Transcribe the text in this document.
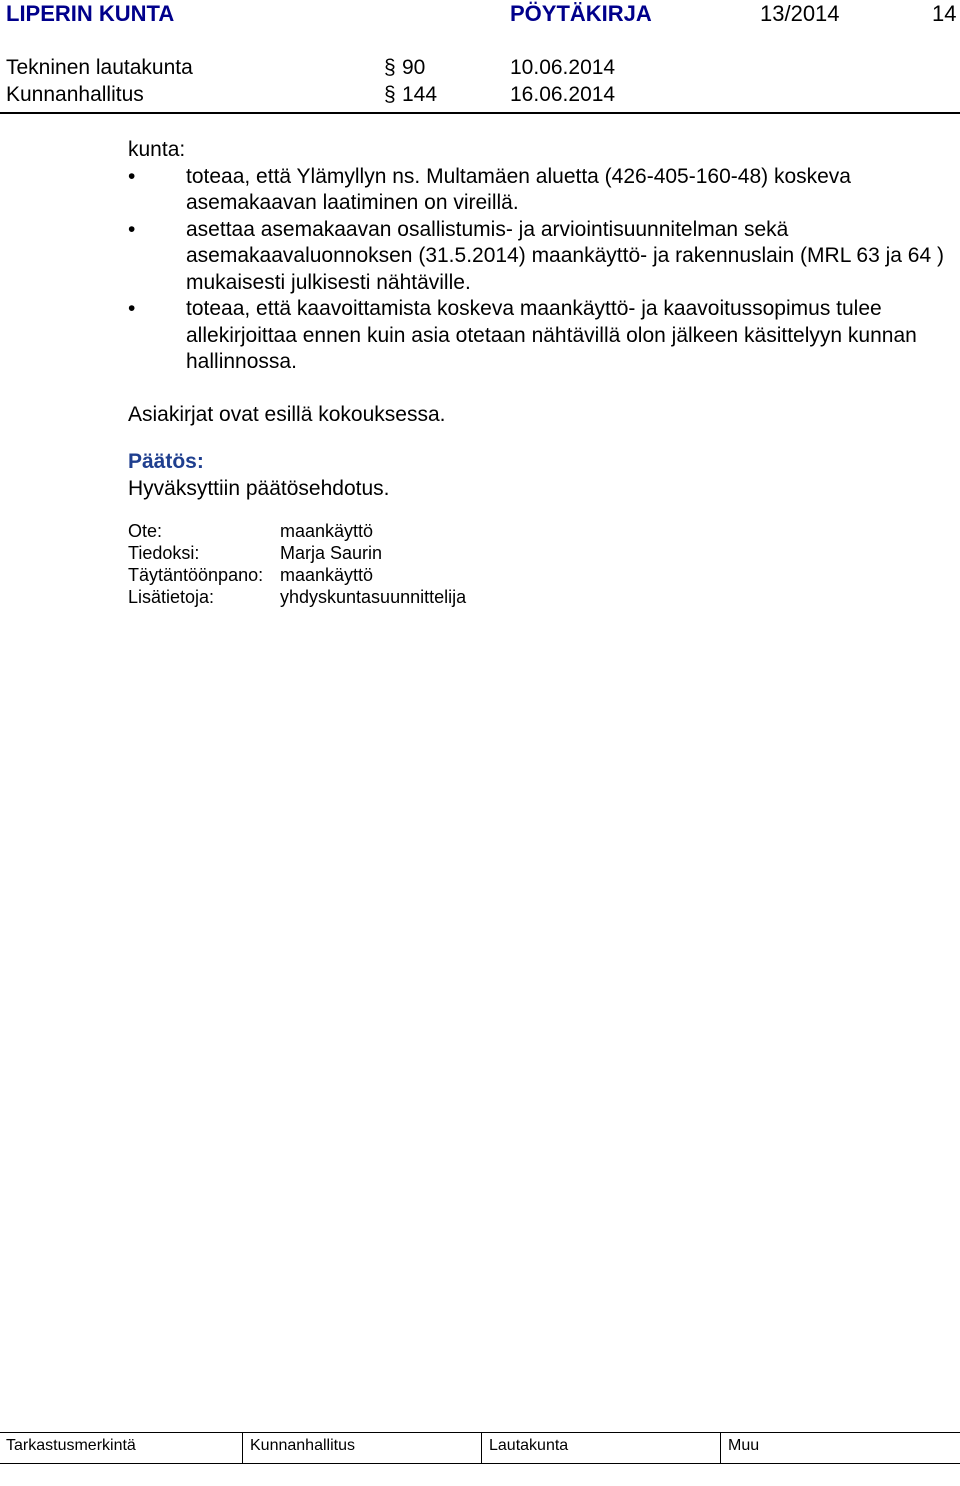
LIPERIN KUNTA	PÖYTÄKIRJA	13/2014	14
Tekninen lautakunta	§ 90	10.06.2014
Kunnanhallitus	§ 144	16.06.2014

kunta:

• toteaa, että Ylämyllyn ns. Multamäen aluetta (426-405-160-48) koskeva asemakaavan laatiminen on vireillä.
• asettaa asemakaavan osallistumis- ja arviointisuunnitelman sekä asemakaavaluonnoksen (31.5.2014) maankäyttö- ja rakennuslain (MRL 63 ja 64 ) mukaisesti julkisesti nähtäville.
• toteaa, että kaavoittamista koskeva maankäyttö- ja kaavoitussopimus tulee allekirjoittaa ennen kuin asia otetaan nähtävillä olon jälkeen käsittelyyn kunnan hallinnossa.

Asiakirjat ovat esillä kokouksessa.

Päätös:

Hyväksyttiin päätösehdotus.

Ote:	maankäyttö
Tiedoksi:	Marja Saurin
Täytäntöönpano:	maankäyttö
Lisätietoja:	yhdyskuntasuunnittelija
Tarkastusmerkintä	Kunnanhallitus	Lautakunta	Muu
